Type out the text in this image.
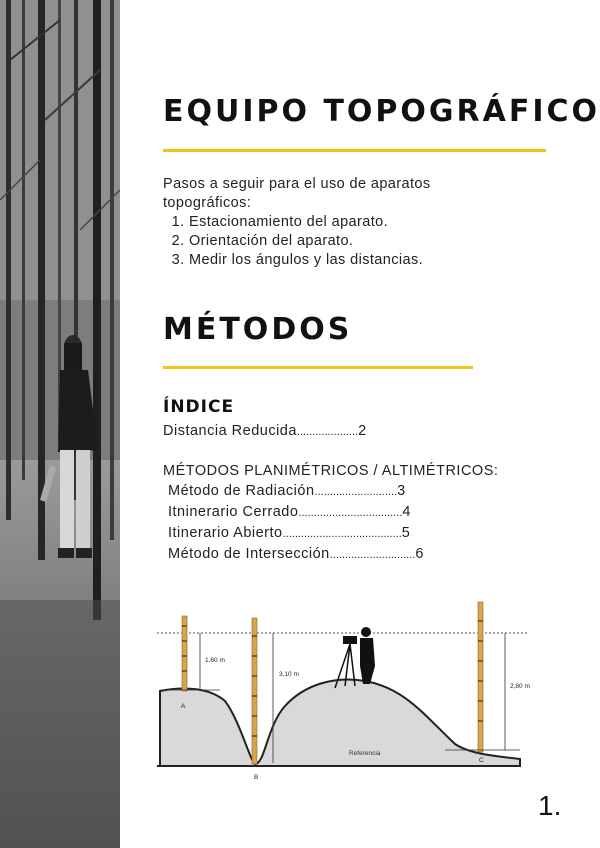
EQUIPO TOPOGRÁFICO
Pasos a seguir para el uso de aparatos topográficos:
1. Estacionamiento del aparato.
2. Orientación del aparato.
3. Medir los ángulos y las distancias.
MÉTODOS
ÍNDICE
Distancia Reducida....................2
MÉTODOS PLANIMÉTRICOS / ALTIMÉTRICOS:
Método de Radiación...........................3
Itninerario Cerrado..................................4
Itinerario Abierto.......................................5
Método de Intersección............................6
1,60 m
3,10 m
2,80 m
A
B
C
Referencia
1.
